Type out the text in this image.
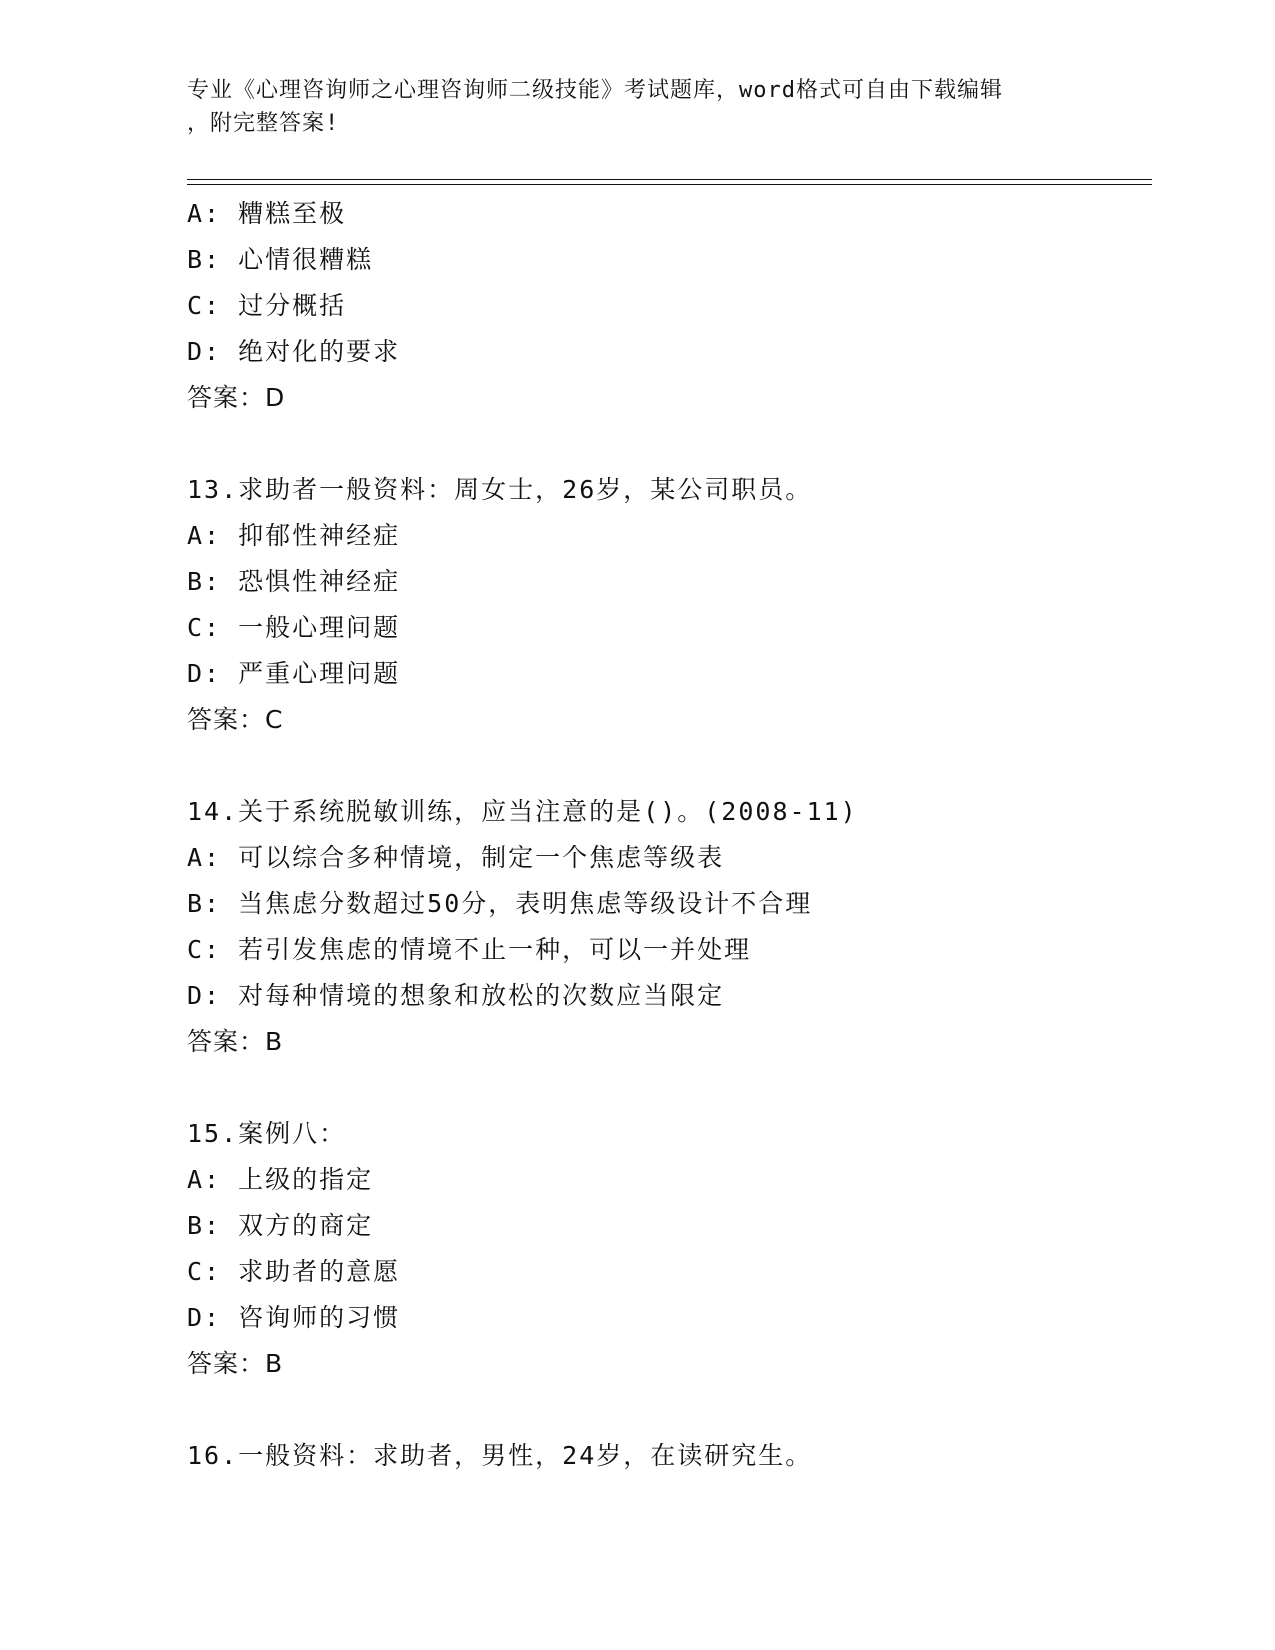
专业《心理咨询师之心理咨询师二级技能》考试题库，word格式可自由下载编辑
，附完整答案!
A: 糟糕至极
B: 心情很糟糕
C: 过分概括
D: 绝对化的要求
答案：D
13.求助者一般资料：周女士，26岁，某公司职员。
A: 抑郁性神经症
B: 恐惧性神经症
C: 一般心理问题
D: 严重心理问题
答案：C
14.关于系统脱敏训练，应当注意的是()。(2008-11)
A: 可以综合多种情境，制定一个焦虑等级表
B: 当焦虑分数超过50分，表明焦虑等级设计不合理
C: 若引发焦虑的情境不止一种，可以一并处理
D: 对每种情境的想象和放松的次数应当限定
答案：B
15.案例八：
A: 上级的指定
B: 双方的商定
C: 求助者的意愿
D: 咨询师的习惯
答案：B
16.一般资料：求助者，男性，24岁，在读研究生。
